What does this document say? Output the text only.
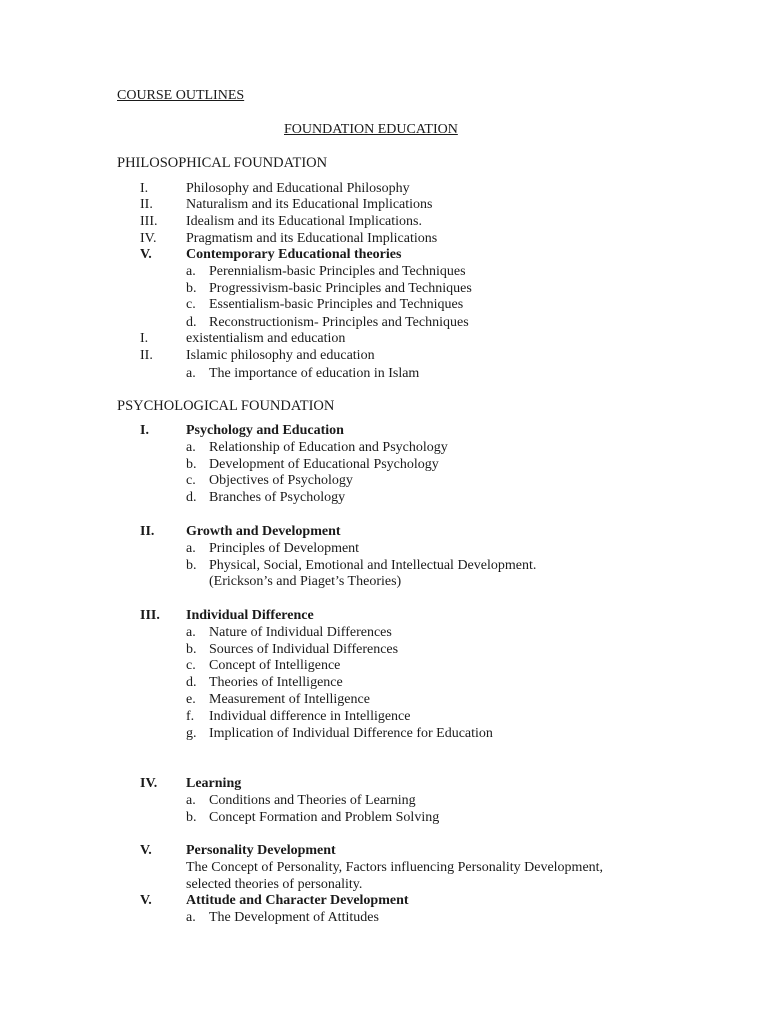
COURSE OUTLINES
FOUNDATION EDUCATION
PHILOSOPHICAL FOUNDATION
I.	Philosophy and Educational Philosophy
II. Naturalism and its Educational Implications
III. Idealism and its Educational Implications.
IV. Pragmatism and its Educational Implications
V. Contemporary Educational theories
a. Perennialism-basic Principles and Techniques
b. Progressivism-basic Principles and Techniques
c. Essentialism-basic Principles and Techniques
d. Reconstructionism- Principles and Techniques
I.	existentialism and education
II. Islamic philosophy and education
a. The importance of education in Islam
PSYCHOLOGICAL FOUNDATION
I.	Psychology and Education
a. Relationship of Education and Psychology
b. Development of Educational Psychology
c. Objectives of Psychology
d. Branches of Psychology
II. Growth and Development
a. Principles of Development
b. Physical, Social, Emotional and Intellectual Development.
(Erickson’s and Piaget’s Theories)
III. Individual Difference
a. Nature of Individual Differences
b. Sources of Individual Differences
c. Concept of Intelligence
d. Theories of Intelligence
e. Measurement of Intelligence
f. Individual difference in Intelligence
g. Implication of Individual Difference for Education
IV. Learning
a. Conditions and Theories of Learning
b. Concept Formation and Problem Solving
V. Personality Development
The Concept of Personality, Factors influencing Personality Development,
selected theories of personality.
V. Attitude and Character Development
a. The Development of Attitudes
